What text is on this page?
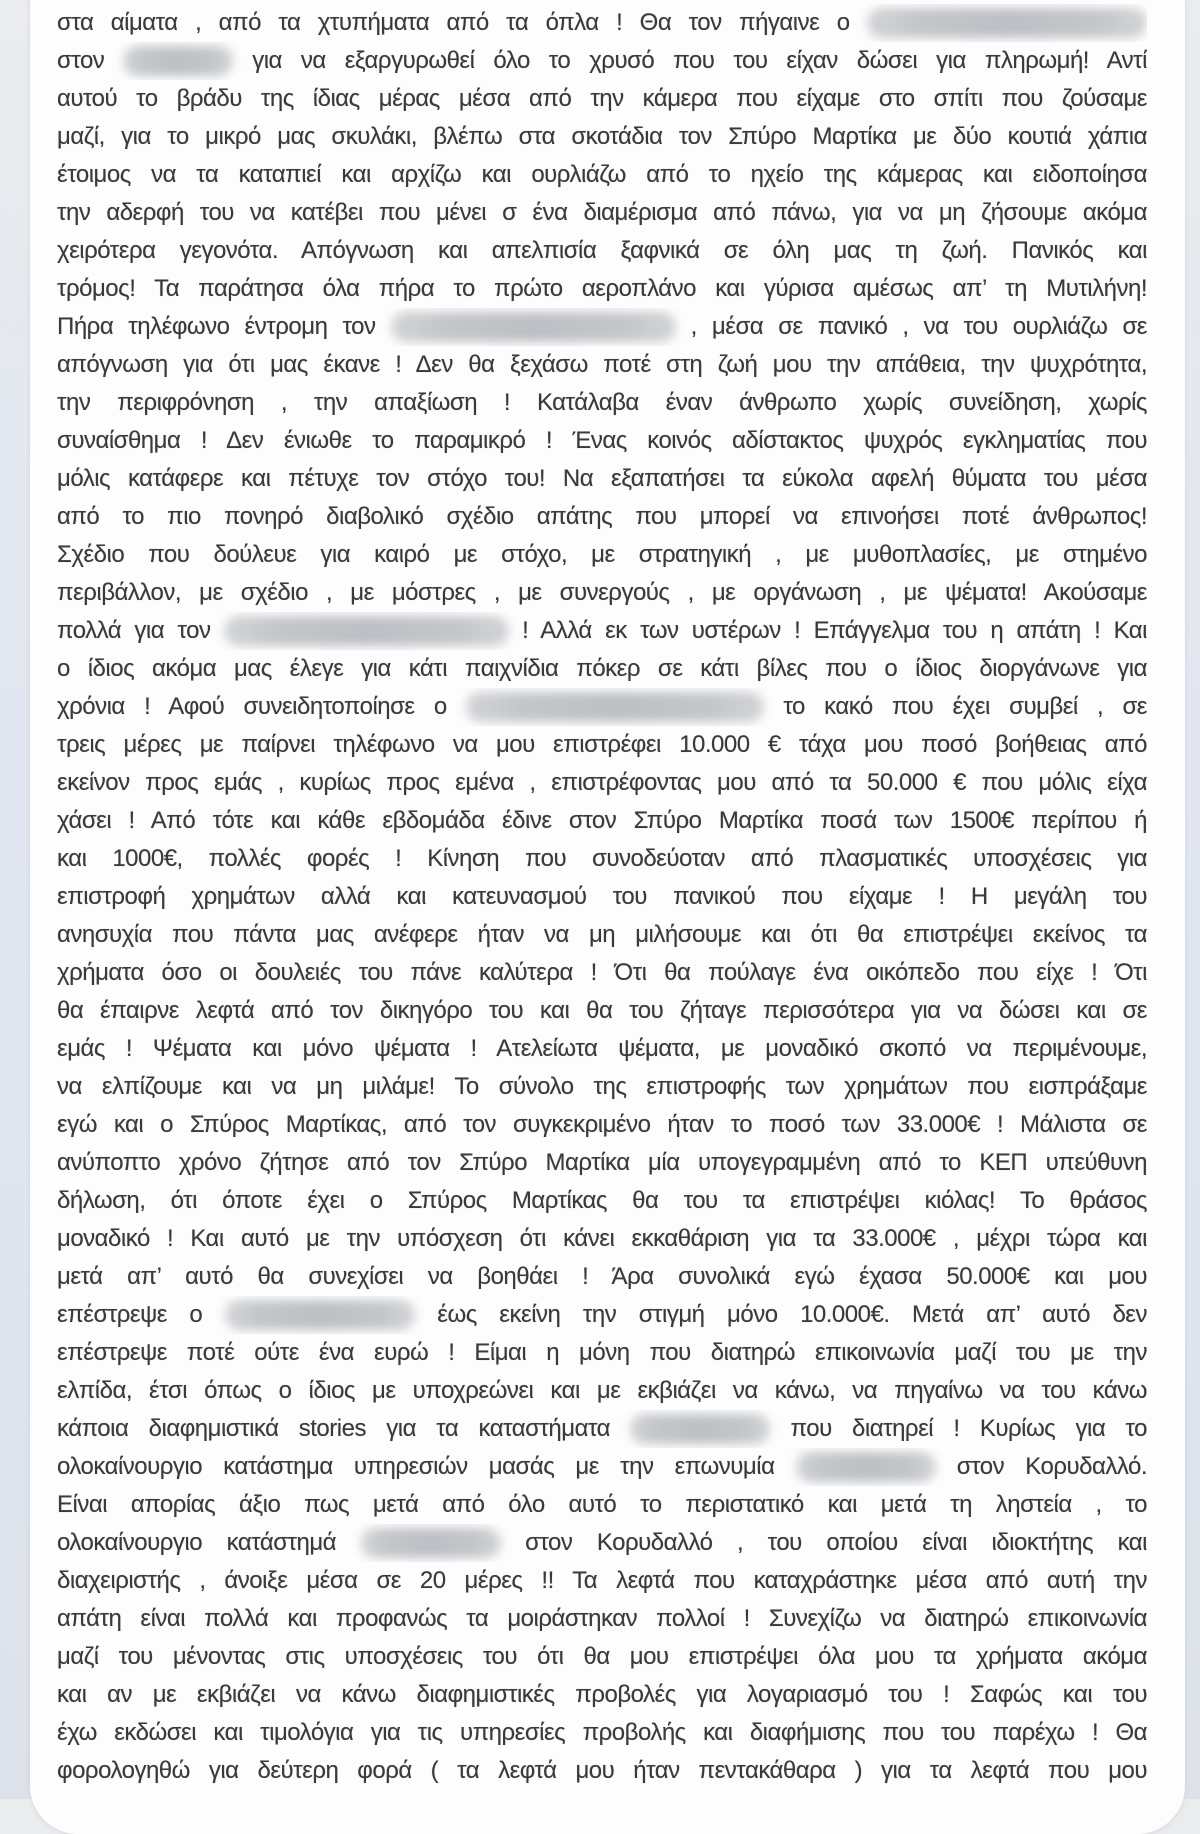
στα αίματα , από τα χτυπήματα από τα όπλα ! Θα τον πήγαινε ο
στον	για να εξαργυρωθεί όλο το χρυσό που του είχαν δώσει για πληρωμή! Αντί
αυτού το βράδυ της ίδιας μέρας μέσα από την κάμερα που είχαμε στο σπίτι που ζούσαμε
μαζί, για το μικρό μας σκυλάκι, βλέπω στα σκοτάδια τον Σπύρο Μαρτίκα με δύο κουτιά χάπια
έτοιμος να τα καταπιεί και αρχίζω και ουρλιάζω από το ηχείο της κάμερας και ειδοποίησα
την αδερφή του να κατέβει που μένει σ ένα διαμέρισμα από πάνω, για να μη ζήσουμε ακόμα
χειρότερα γεγονότα. Απόγνωση και απελπισία ξαφνικά σε όλη μας τη ζωή. Πανικός και
τρόμος! Τα παράτησα όλα πήρα το πρώτο αεροπλάνο και γύρισα αμέσως απ’ τη Μυτιλήνη!
Πήρα τηλέφωνο έντρομη τον	, μέσα σε πανικό , να του ουρλιάζω σε
απόγνωση για ότι μας έκανε ! Δεν θα ξεχάσω ποτέ στη ζωή μου την απάθεια, την ψυχρότητα,
την περιφρόνηση , την απαξίωση ! Κατάλαβα έναν άνθρωπο χωρίς συνείδηση, χωρίς
συναίσθημα ! Δεν ένιωθε το παραμικρό ! Ένας κοινός αδίστακτος ψυχρός εγκληματίας που
μόλις κατάφερε και πέτυχε τον στόχο του! Να εξαπατήσει τα εύκολα αφελή θύματα του μέσα
από το πιο πονηρό διαβολικό σχέδιο απάτης που μπορεί να επινοήσει ποτέ άνθρωπος!
Σχέδιο που δούλευε για καιρό με στόχο, με στρατηγική , με μυθοπλασίες, με στημένο
περιβάλλον, με σχέδιο , με μόστρες , με συνεργούς , με οργάνωση , με ψέματα! Ακούσαμε
πολλά για τον	! Αλλά εκ των υστέρων ! Επάγγελμα του η απάτη ! Και
ο ίδιος ακόμα μας έλεγε για κάτι παιχνίδια πόκερ σε κάτι βίλες που ο ίδιος διοργάνωνε για
χρόνια ! Αφού συνειδητοποίησε ο	το κακό που έχει συμβεί , σε
τρεις μέρες με παίρνει τηλέφωνο να μου επιστρέφει 10.000 € τάχα μου ποσό βοήθειας από
εκείνον προς εμάς , κυρίως προς εμένα , επιστρέφοντας μου από τα 50.000 € που μόλις είχα
χάσει ! Από τότε και κάθε εβδομάδα έδινε στον Σπύρο Μαρτίκα ποσά των 1500€ περίπου ή
και 1000€, πολλές φορές ! Κίνηση που συνοδεύοταν από πλασματικές υποσχέσεις για
επιστροφή χρημάτων αλλά και κατευνασμού του πανικού που είχαμε ! Η μεγάλη του
ανησυχία που πάντα μας ανέφερε ήταν να μη μιλήσουμε και ότι θα επιστρέψει εκείνος τα
χρήματα όσο οι δουλειές του πάνε καλύτερα ! Ότι θα πούλαγε ένα οικόπεδο που είχε ! Ότι
θα έπαιρνε λεφτά από τον δικηγόρο του και θα του ζήταγε περισσότερα για να δώσει και σε
εμάς ! Ψέματα και μόνο ψέματα ! Ατελείωτα ψέματα, με μοναδικό σκοπό να περιμένουμε,
να ελπίζουμε και να μη μιλάμε! Το σύνολο της επιστροφής των χρημάτων που εισπράξαμε
εγώ και ο Σπύρος Μαρτίκας, από τον συγκεκριμένο ήταν το ποσό των 33.000€ ! Μάλιστα σε
ανύποπτο χρόνο ζήτησε από τον Σπύρο Μαρτίκα μία υπογεγραμμένη από το ΚΕΠ υπεύθυνη
δήλωση, ότι όποτε έχει ο Σπύρος Μαρτίκας θα του τα επιστρέψει κιόλας! Το θράσος
μοναδικό ! Και αυτό με την υπόσχεση ότι κάνει εκκαθάριση για τα 33.000€ , μέχρι τώρα και
μετά απ’ αυτό θα συνεχίσει να βοηθάει ! Άρα συνολικά εγώ έχασα 50.000€ και μου
επέστρεψε ο	έως εκείνη την στιγμή μόνο 10.000€. Μετά απ’ αυτό δεν
επέστρεψε ποτέ ούτε ένα ευρώ ! Είμαι η μόνη που διατηρώ επικοινωνία μαζί του με την
ελπίδα, έτσι όπως ο ίδιος με υποχρεώνει και με εκβιάζει να κάνω, να πηγαίνω να του κάνω
κάποια διαφημιστικά stories για τα καταστήματα	που διατηρεί ! Κυρίως για το
ολοκαίνουργιο κατάστημα υπηρεσιών μασάς με την επωνυμία	στον Κορυδαλλό.
Είναι απορίας άξιο πως μετά από όλο αυτό το περιστατικό και μετά τη ληστεία , το
ολοκαίνουργιο κατάστημά	στον Κορυδαλλό , του οποίου είναι ιδιοκτήτης και
διαχειριστής , άνοιξε μέσα σε 20 μέρες !! Τα λεφτά που καταχράστηκε μέσα από αυτή την
απάτη είναι πολλά και προφανώς τα μοιράστηκαν πολλοί ! Συνεχίζω να διατηρώ επικοινωνία
μαζί του μένοντας στις υποσχέσεις του ότι θα μου επιστρέψει όλα μου τα χρήματα ακόμα
και αν με εκβιάζει να κάνω διαφημιστικές προβολές για λογαριασμό του ! Σαφώς και του
έχω εκδώσει και τιμολόγια για τις υπηρεσίες προβολής και διαφήμισης που του παρέχω ! Θα
φορολογηθώ για δεύτερη φορά ( τα λεφτά μου ήταν πεντακάθαρα ) για τα λεφτά που μου
